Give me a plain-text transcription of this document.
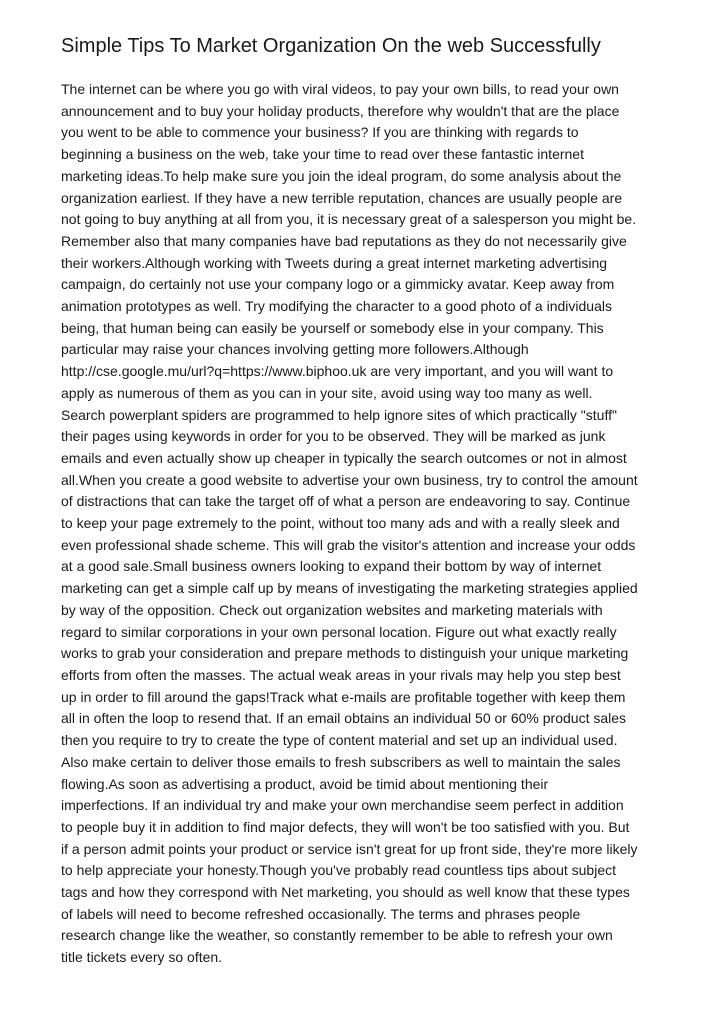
Simple Tips To Market Organization On the web Successfully
The internet can be where you go with viral videos, to pay your own bills, to read your own
announcement and to buy your holiday products, therefore why wouldn't that are the place
you went to be able to commence your business? If you are thinking with regards to
beginning a business on the web, take your time to read over these fantastic internet
marketing ideas.To help make sure you join the ideal program, do some analysis about the
organization earliest. If they have a new terrible reputation, chances are usually people are
not going to buy anything at all from you, it is necessary great of a salesperson you might be.
Remember also that many companies have bad reputations as they do not necessarily give
their workers.Although working with Tweets during a great internet marketing advertising
campaign, do certainly not use your company logo or a gimmicky avatar. Keep away from
animation prototypes as well. Try modifying the character to a good photo of a individuals
being, that human being can easily be yourself or somebody else in your company. This
particular may raise your chances involving getting more followers.Although
http://cse.google.mu/url?q=https://www.biphoo.uk are very important, and you will want to
apply as numerous of them as you can in your site, avoid using way too many as well.
Search powerplant spiders are programmed to help ignore sites of which practically "stuff"
their pages using keywords in order for you to be observed. They will be marked as junk
emails and even actually show up cheaper in typically the search outcomes or not in almost
all.When you create a good website to advertise your own business, try to control the amount
of distractions that can take the target off of what a person are endeavoring to say. Continue
to keep your page extremely to the point, without too many ads and with a really sleek and
even professional shade scheme. This will grab the visitor's attention and increase your odds
at a good sale.Small business owners looking to expand their bottom by way of internet
marketing can get a simple calf up by means of investigating the marketing strategies applied
by way of the opposition. Check out organization websites and marketing materials with
regard to similar corporations in your own personal location. Figure out what exactly really
works to grab your consideration and prepare methods to distinguish your unique marketing
efforts from often the masses. The actual weak areas in your rivals may help you step best
up in order to fill around the gaps!Track what e-mails are profitable together with keep them
all in often the loop to resend that. If an email obtains an individual 50 or 60% product sales
then you require to try to create the type of content material and set up an individual used.
Also make certain to deliver those emails to fresh subscribers as well to maintain the sales
flowing.As soon as advertising a product, avoid be timid about mentioning their
imperfections. If an individual try and make your own merchandise seem perfect in addition
to people buy it in addition to find major defects, they will won't be too satisfied with you. But
if a person admit points your product or service isn't great for up front side, they're more likely
to help appreciate your honesty.Though you've probably read countless tips about subject
tags and how they correspond with Net marketing, you should as well know that these types
of labels will need to become refreshed occasionally. The terms and phrases people
research change like the weather, so constantly remember to be able to refresh your own
title tickets every so often.
